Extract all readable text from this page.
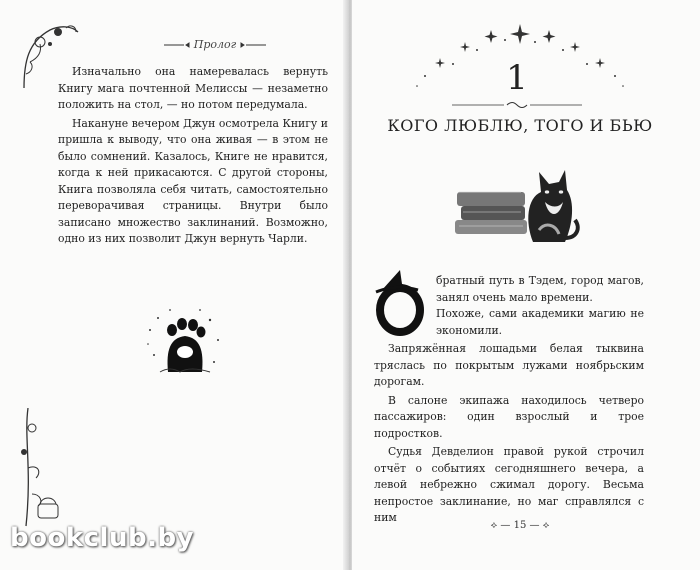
Пролог

Изначально она намеревалась вернуть Книгу мага почтенной Мелиссы — незаметно положить на стол, — но потом передумала.

Накануне вечером Джун осмотрела Книгу и пришла к выводу, что она живая — в этом не было сомнений. Казалось, Книге не нравится, когда к ней прикасаются. С другой стороны, Книга позволяла себя читать, самостоятельно переворачивая страницы. Внутри было записано множество заклинаний. Возможно, одно из них позволит Джун вернуть Чарли.

1
КОГО ЛЮБЛЮ, ТОГО И БЬЮ

братный путь в Тэдем, город магов, занял очень мало времени.
Похоже, сами академики магию не экономили.

Запряжённая лошадьми белая тыквина тряслась по покрытым лужами ноябрьским дорогам.

В салоне экипажа находилось четверо пассажиров: один взрослый и трое подростков.

Судья Девделион правой рукой строчил отчёт о событиях сегодняшнего вечера, а левой небрежно сжимал дорогу. Весьма непростое заклинание, но маг справлялся с ним

⟡ — 15 — ⟡
bookclub.by
